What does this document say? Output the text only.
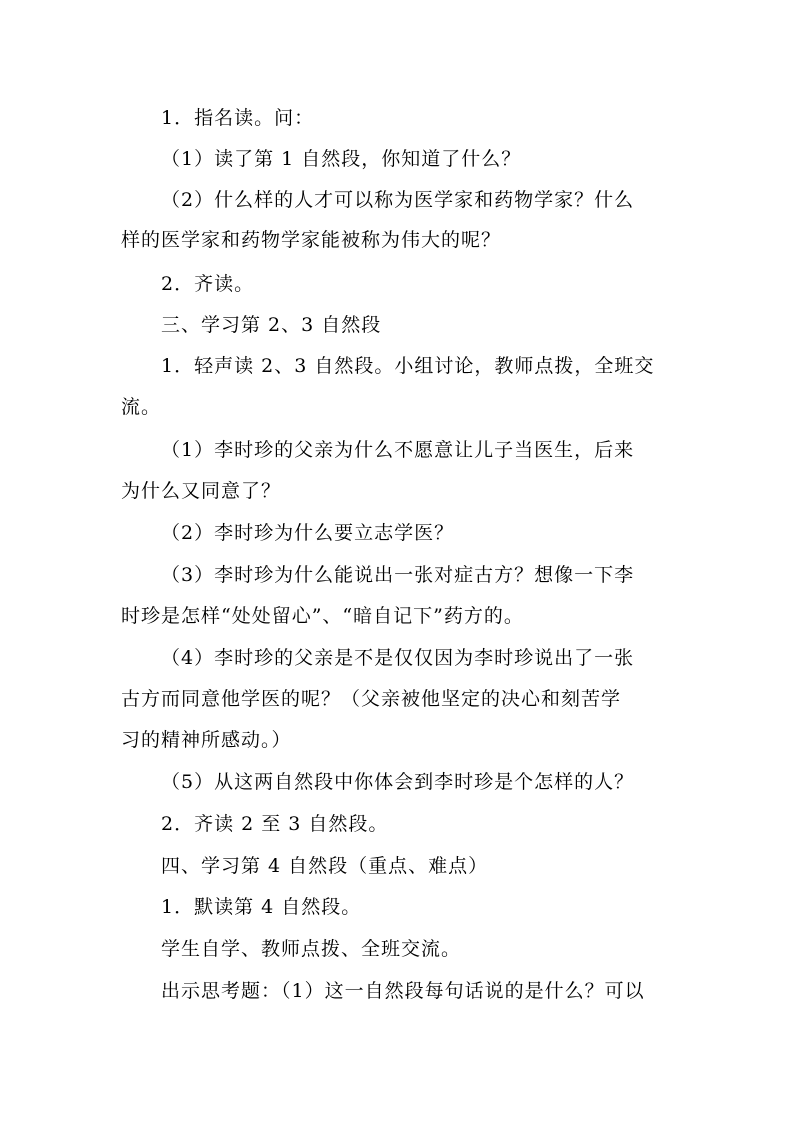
1．指名读。问：
（1）读了第 1 自然段，你知道了什么？
（2）什么样的人才可以称为医学家和药物学家？什么
样的医学家和药物学家能被称为伟大的呢？
2．齐读。
三、学习第 2、3 自然段
1．轻声读 2、3 自然段。小组讨论，教师点拨，全班交
流。
（1）李时珍的父亲为什么不愿意让儿子当医生，后来
为什么又同意了？
（2）李时珍为什么要立志学医？
（3）李时珍为什么能说出一张对症古方？想像一下李
时珍是怎样“处处留心”、“暗自记下”药方的。
（4）李时珍的父亲是不是仅仅因为李时珍说出了一张
古方而同意他学医的呢？（父亲被他坚定的决心和刻苦学
习的精神所感动。）
（5）从这两自然段中你体会到李时珍是个怎样的人？
2．齐读 2 至 3 自然段。
四、学习第 4 自然段（重点、难点）
1．默读第 4 自然段。
学生自学、教师点拨、全班交流。
出示思考题：（1）这一自然段每句话说的是什么？可以
